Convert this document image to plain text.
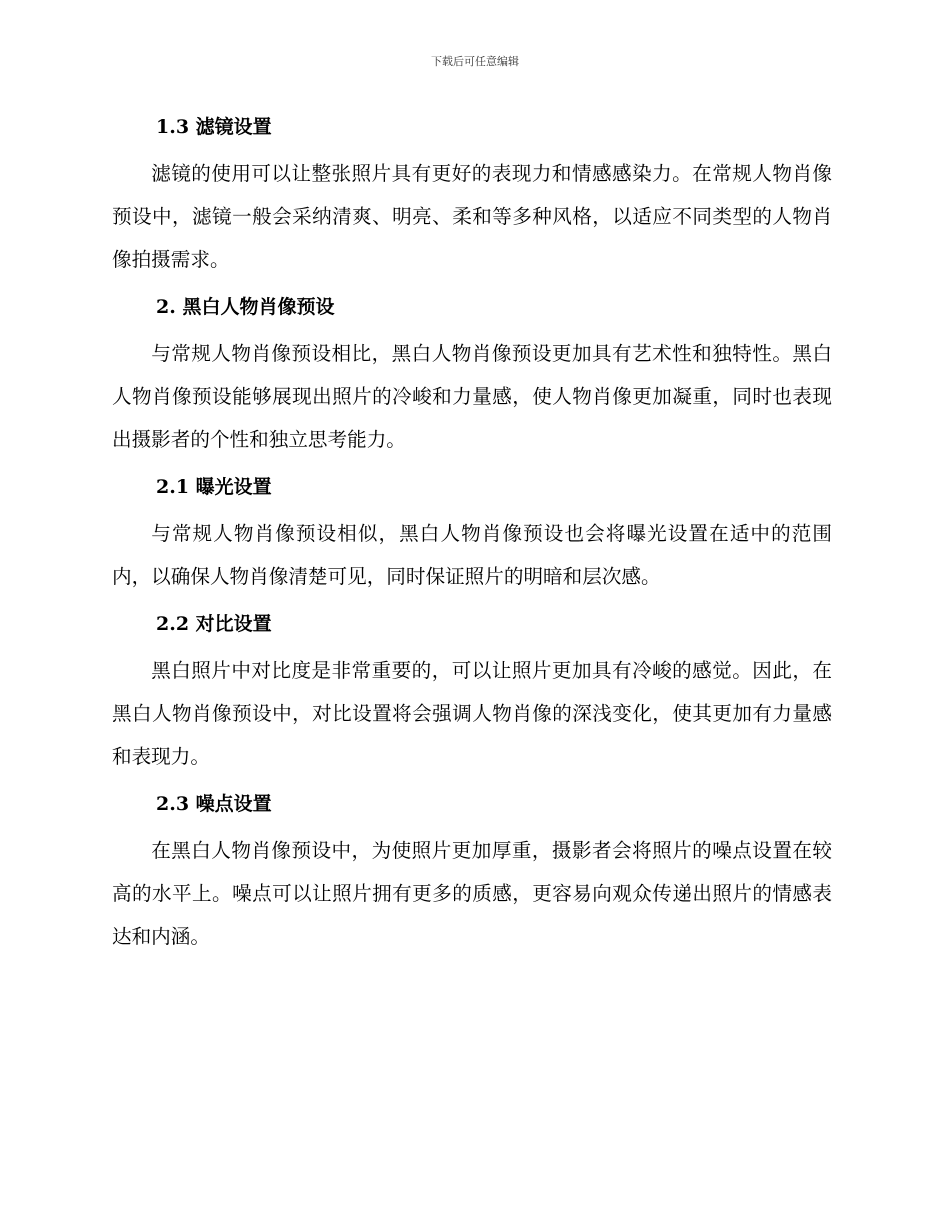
下载后可任意编辑
1.3 滤镜设置

滤镜的使用可以让整张照片具有更好的表现力和情感感染力。在常规人物肖像预设中，滤镜一般会采纳清爽、明亮、柔和等多种风格，以适应不同类型的人物肖像拍摄需求。

2. 黑白人物肖像预设

与常规人物肖像预设相比，黑白人物肖像预设更加具有艺术性和独特性。黑白人物肖像预设能够展现出照片的冷峻和力量感，使人物肖像更加凝重，同时也表现出摄影者的个性和独立思考能力。

2.1 曝光设置

与常规人物肖像预设相似，黑白人物肖像预设也会将曝光设置在适中的范围内，以确保人物肖像清楚可见，同时保证照片的明暗和层次感。

2.2 对比设置

黑白照片中对比度是非常重要的，可以让照片更加具有冷峻的感觉。因此，在黑白人物肖像预设中，对比设置将会强调人物肖像的深浅变化，使其更加有力量感和表现力。

2.3 噪点设置

在黑白人物肖像预设中，为使照片更加厚重，摄影者会将照片的噪点设置在较高的水平上。噪点可以让照片拥有更多的质感，更容易向观众传递出照片的情感表达和内涵。
